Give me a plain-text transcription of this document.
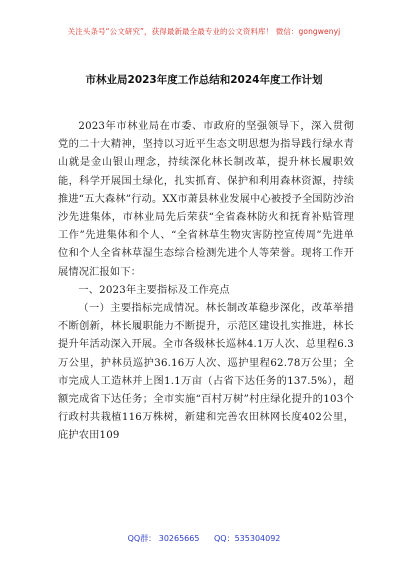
关注头条号“公文研究”，获得最新最全最专业的公文资料库！ 微信：gongwenyj
市林业局2023年度工作总结和2024年度工作计划

2023年市林业局在市委、市政府的坚强领导下，深入贯彻党的二十大精神，坚持以习近平生态文明思想为指导践行绿水青山就是金山银山理念，持续深化林长制改革，提升林长履职效能，科学开展国土绿化，扎实抓育、保护和利用森林资源，持续推进“五大森林”行动。XX市萧县林业发展中心被授予全国防沙治沙先进集体，市林业局先后荣获“全省森林防火和抚育补贴管理工作”先进集体和个人、“全省林草生物灾害防控宣传周”先进单位和个人全省林草湿生态综合检测先进个人等荣誉。现将工作开展情况汇报如下：

一、2023年主要指标及工作亮点

（一）主要指标完成情况。林长制改革稳步深化，改革举措不断创新，林长履职能力不断提升，示范区建设扎实推进，林长提升年活动深入开展。全市各级林长巡林4.1万人次、总里程6.3万公里，护林员巡护36.16万人次、巡护里程62.78万公里；全市完成人工造林并上图1.1万亩（占省下达任务的137.5%），超额完成省下达任务；全市实施“百村万树”村庄绿化提升的103个行政村共栽植116万株树，新建和完善农田林网长度402公里，庇护农田109

QQ群： 30265665 QQ：535304092
